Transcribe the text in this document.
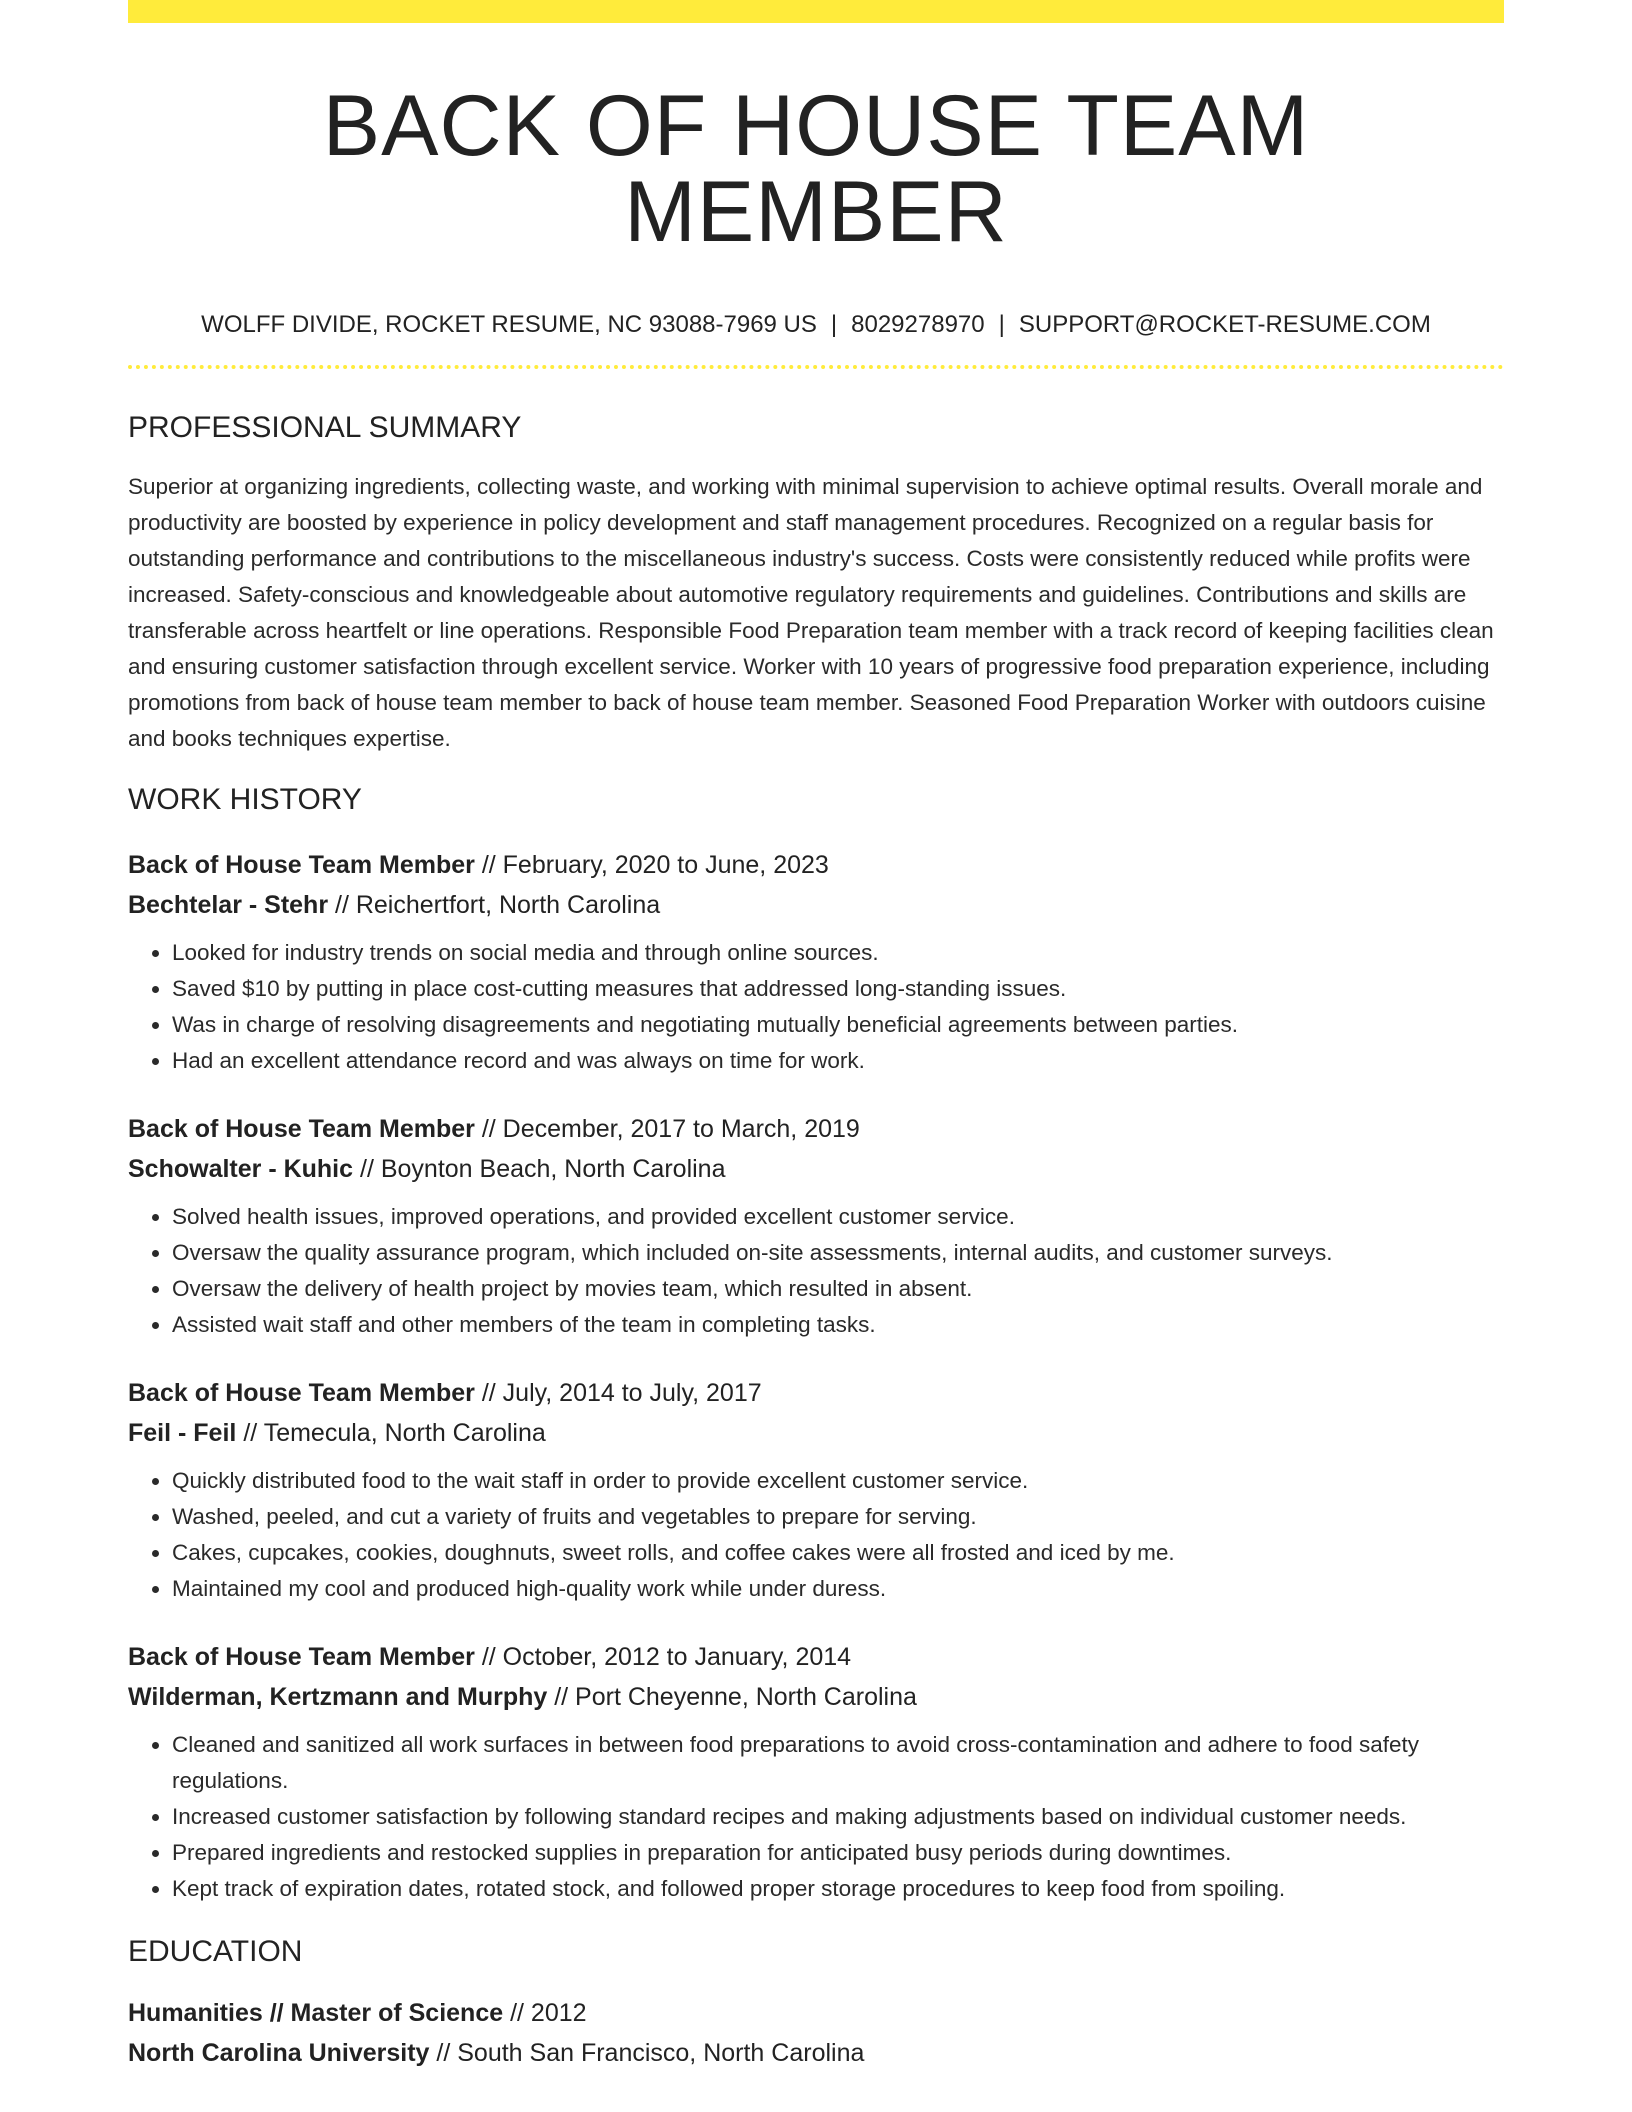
BACK OF HOUSE TEAM MEMBER
WOLFF DIVIDE, ROCKET RESUME, NC 93088-7969 US | 8029278970 | SUPPORT@ROCKET-RESUME.COM
PROFESSIONAL SUMMARY

Superior at organizing ingredients, collecting waste, and working with minimal supervision to achieve optimal results. Overall morale and productivity are boosted by experience in policy development and staff management procedures. Recognized on a regular basis for outstanding performance and contributions to the miscellaneous industry's success. Costs were consistently reduced while profits were increased. Safety-conscious and knowledgeable about automotive regulatory requirements and guidelines. Contributions and skills are transferable across heartfelt or line operations. Responsible Food Preparation team member with a track record of keeping facilities clean and ensuring customer satisfaction through excellent service. Worker with 10 years of progressive food preparation experience, including promotions from back of house team member to back of house team member. Seasoned Food Preparation Worker with outdoors cuisine and books techniques expertise.

WORK HISTORY
Back of House Team Member // February, 2020 to June, 2023
Bechtelar - Stehr // Reichertfort, North Carolina
• Looked for industry trends on social media and through online sources.
• Saved $10 by putting in place cost-cutting measures that addressed long-standing issues.
• Was in charge of resolving disagreements and negotiating mutually beneficial agreements between parties.
• Had an excellent attendance record and was always on time for work.
Back of House Team Member // December, 2017 to March, 2019
Schowalter - Kuhic // Boynton Beach, North Carolina
• Solved health issues, improved operations, and provided excellent customer service.
• Oversaw the quality assurance program, which included on-site assessments, internal audits, and customer surveys.
• Oversaw the delivery of health project by movies team, which resulted in absent.
• Assisted wait staff and other members of the team in completing tasks.
Back of House Team Member // July, 2014 to July, 2017
Feil - Feil // Temecula, North Carolina
• Quickly distributed food to the wait staff in order to provide excellent customer service.
• Washed, peeled, and cut a variety of fruits and vegetables to prepare for serving.
• Cakes, cupcakes, cookies, doughnuts, sweet rolls, and coffee cakes were all frosted and iced by me.
• Maintained my cool and produced high-quality work while under duress.
Back of House Team Member // October, 2012 to January, 2014
Wilderman, Kertzmann and Murphy // Port Cheyenne, North Carolina
• Cleaned and sanitized all work surfaces in between food preparations to avoid cross-contamination and adhere to food safety regulations.
• Increased customer satisfaction by following standard recipes and making adjustments based on individual customer needs.
• Prepared ingredients and restocked supplies in preparation for anticipated busy periods during downtimes.
• Kept track of expiration dates, rotated stock, and followed proper storage procedures to keep food from spoiling.
EDUCATION
Humanities // Master of Science // 2012
North Carolina University // South San Francisco, North Carolina
